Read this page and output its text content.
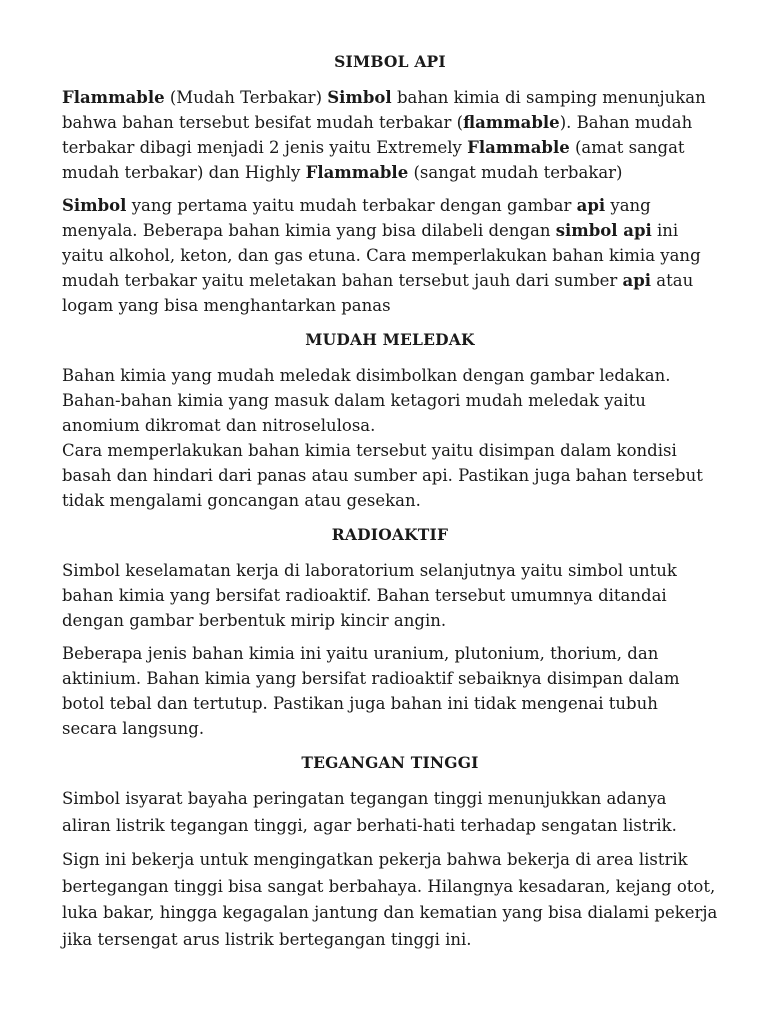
SIMBOL API

Flammable (Mudah Terbakar) Simbol bahan kimia di samping menunjukan bahwa bahan tersebut besifat mudah terbakar (flammable). Bahan mudah terbakar dibagi menjadi 2 jenis yaitu Extremely Flammable (amat sangat mudah terbakar) dan Highly Flammable (sangat mudah terbakar)

Simbol yang pertama yaitu mudah terbakar dengan gambar api yang menyala. Beberapa bahan kimia yang bisa dilabeli dengan simbol api ini yaitu alkohol, keton, dan gas etuna. Cara memperlakukan bahan kimia yang mudah terbakar yaitu meletakan bahan tersebut jauh dari sumber api atau logam yang bisa menghantarkan panas

MUDAH MELEDAK

Bahan kimia yang mudah meledak disimbolkan dengan gambar ledakan. Bahan-bahan kimia yang masuk dalam ketagori mudah meledak yaitu anomium dikromat dan nitroselulosa.

Cara memperlakukan bahan kimia tersebut yaitu disimpan dalam kondisi basah dan hindari dari panas atau sumber api. Pastikan juga bahan tersebut tidak mengalami goncangan atau gesekan.

RADIOAKTIF

Simbol keselamatan kerja di laboratorium selanjutnya yaitu simbol untuk bahan kimia yang bersifat radioaktif. Bahan tersebut umumnya ditandai dengan gambar berbentuk mirip kincir angin.

Beberapa jenis bahan kimia ini yaitu uranium, plutonium, thorium, dan aktinium. Bahan kimia yang bersifat radioaktif sebaiknya disimpan dalam botol tebal dan tertutup. Pastikan juga bahan ini tidak mengenai tubuh secara langsung.

TEGANGAN TINGGI

Simbol isyarat bayaha peringatan tegangan tinggi menunjukkan adanya aliran listrik tegangan tinggi, agar berhati-hati terhadap sengatan listrik.

Sign ini bekerja untuk mengingatkan pekerja bahwa bekerja di area listrik bertegangan tinggi bisa sangat berbahaya. Hilangnya kesadaran, kejang otot, luka bakar, hingga kegagalan jantung dan kematian yang bisa dialami pekerja jika tersengat arus listrik bertegangan tinggi ini.
